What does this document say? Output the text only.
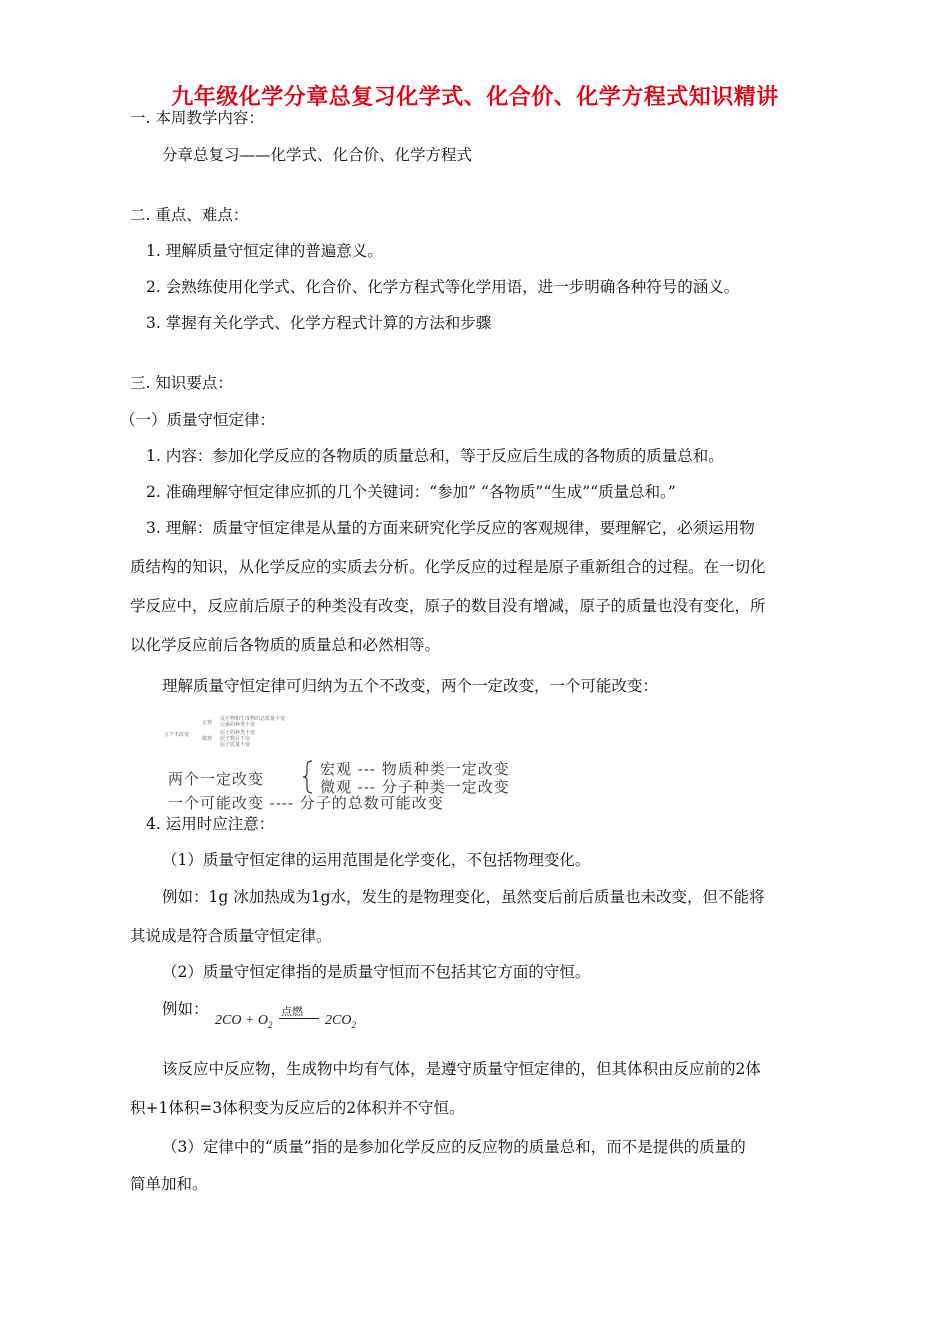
九年级化学分章总复习化学式、化合价、化学方程式知识精讲
一. 本周教学内容：
分章总复习——化学式、化合价、化学方程式
二. 重点、难点：
1. 理解质量守恒定律的普遍意义。
2. 会熟练使用化学式、化合价、化学方程式等化学用语，进一步明确各种符号的涵义。
3. 掌握有关化学式、化学方程式计算的方法和步骤
三. 知识要点：
（一）质量守恒定律：
1. 内容：参加化学反应的各物质的质量总和，等于反应后生成的各物质的质量总和。
2. 准确理解守恒定律应抓的几个关键词：“参加” “各物质”“生成”“质量总和。”
3. 理解：质量守恒定律是从量的方面来研究化学反应的客观规律，要理解它，必须运用物
质结构的知识，从化学反应的实质去分析。化学反应的过程是原子重新组合的过程。在一切化
学反应中，反应前后原子的种类没有改变，原子的数目没有增减，原子的质量也没有变化，所
以化学反应前后各物质的质量总和必然相等。
理解质量守恒定律可归纳为五个不改变，两个一定改变，一个可能改变：
五个不改变
宏观
微观
反应物和生成物的总质量不变
元素的种类不变
原子的种类不变
原子数目不变
原子质量不变
两个一定改变
宏观 --- 物质种类一定改变
微观 --- 分子种类一定改变
一个可能改变 ---- 分子的总数可能改变
4. 运用时应注意：
（1）质量守恒定律的运用范围是化学变化，不包括物理变化。
例如：1g 冰加热成为1g水，发生的是物理变化，虽然变后前后质量也未改变，但不能将
其说成是符合质量守恒定律。
（2）质量守恒定律指的是质量守恒而不包括其它方面的守恒。
例如：
$2CO + O_2$
点燃
$2CO_2$
该反应中反应物，生成物中均有气体，是遵守质量守恒定律的，但其体积由反应前的2体
积+1体积=3体积变为反应后的2体积并不守恒。
（3）定律中的“质量”指的是参加化学反应的反应物的质量总和，而不是提供的质量的
简单加和。
